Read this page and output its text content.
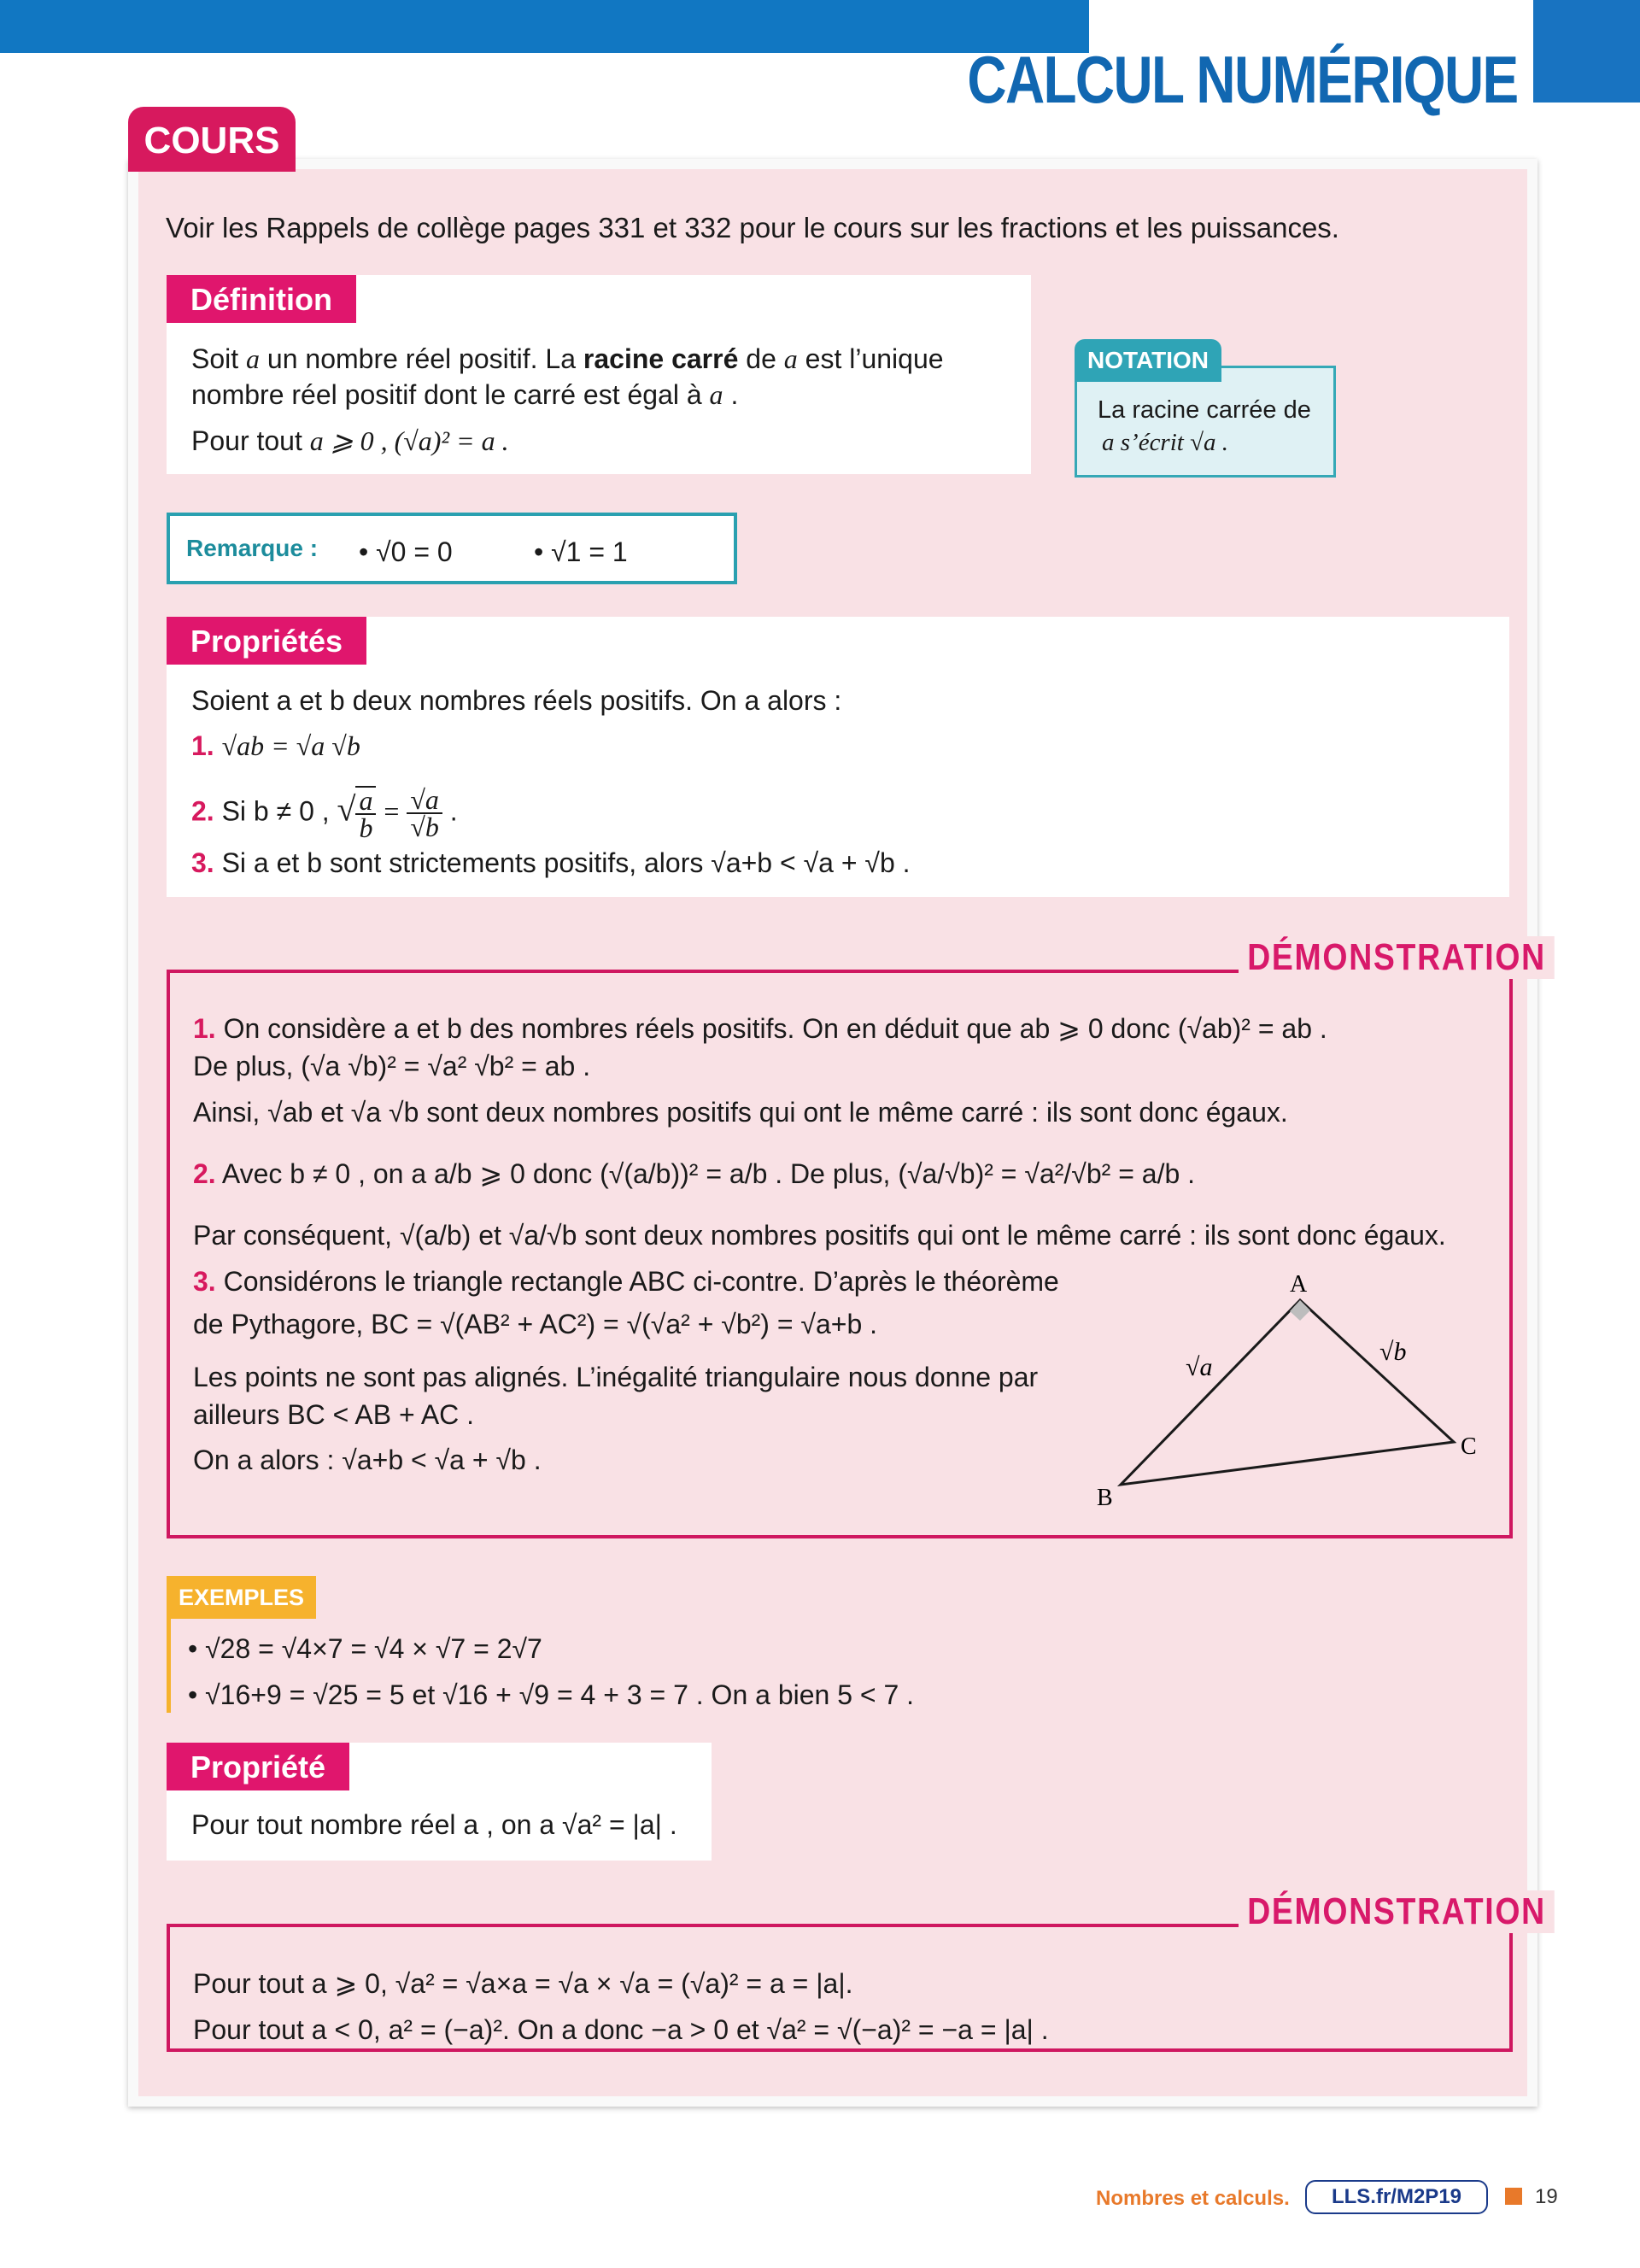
CALCUL NUMÉRIQUE
COURS
Voir les Rappels de collège pages 331 et 332 pour le cours sur les fractions et les puissances.
Définition
Soit a un nombre réel positif. La racine carré de a est l’unique
nombre réel positif dont le carré est égal à a .
Pour tout a ⩾ 0 , (√a)² = a .
NOTATION
La racine carrée de
a s’écrit √a .
Remarque : • √0 = 0	• √1 = 1
Propriétés
Soient a et b deux nombres réels positifs. On a alors :
1. √ab = √a √b
2. Si b ≠ 0 , √ $\frac{a}{b} = \frac{√a}{√b}$ .
3. Si a et b sont strictements positifs, alors √a+b < √a + √b .
DÉMONSTRATION
1. On considère a et b des nombres réels positifs. On en déduit que ab ⩾ 0 donc (√ab)² = ab .
De plus, (√a √b)² = √a² √b² = ab .
Ainsi, √ab et √a √b sont deux nombres positifs qui ont le même carré : ils sont donc égaux.
2. Avec b ≠ 0 , on a a/b ⩾ 0 donc (√(a/b))² = a/b . De plus, (√a/√b)² = √a²/√b² = a/b .
Par conséquent, √(a/b) et √a/√b sont deux nombres positifs qui ont le même carré : ils sont donc égaux.
3. Considérons le triangle rectangle ABC ci-contre. D’après le théorème
de Pythagore, BC = √(AB² + AC²) = √(√a² + √b²) = √a+b .
Les points ne sont pas alignés. L’inégalité triangulaire nous donne par
ailleurs BC < AB + AC .
On a alors : √a+b < √a + √b .
A
B
C
√a
√b
EXEMPLES
• √28 = √4×7 = √4 × √7 = 2√7
• √16+9 = √25 = 5 et √16 + √9 = 4 + 3 = 7 . On a bien 5 < 7 .
Propriété
Pour tout nombre réel a , on a √a² = |a| .
DÉMONSTRATION
Pour tout a ⩾ 0, √a² = √a×a = √a × √a = (√a)² = a = |a|.
Pour tout a < 0, a² = (−a)². On a donc −a > 0 et √a² = √(−a)² = −a = |a| .
Nombres et calculs.	LLS.fr/M2P19	19
